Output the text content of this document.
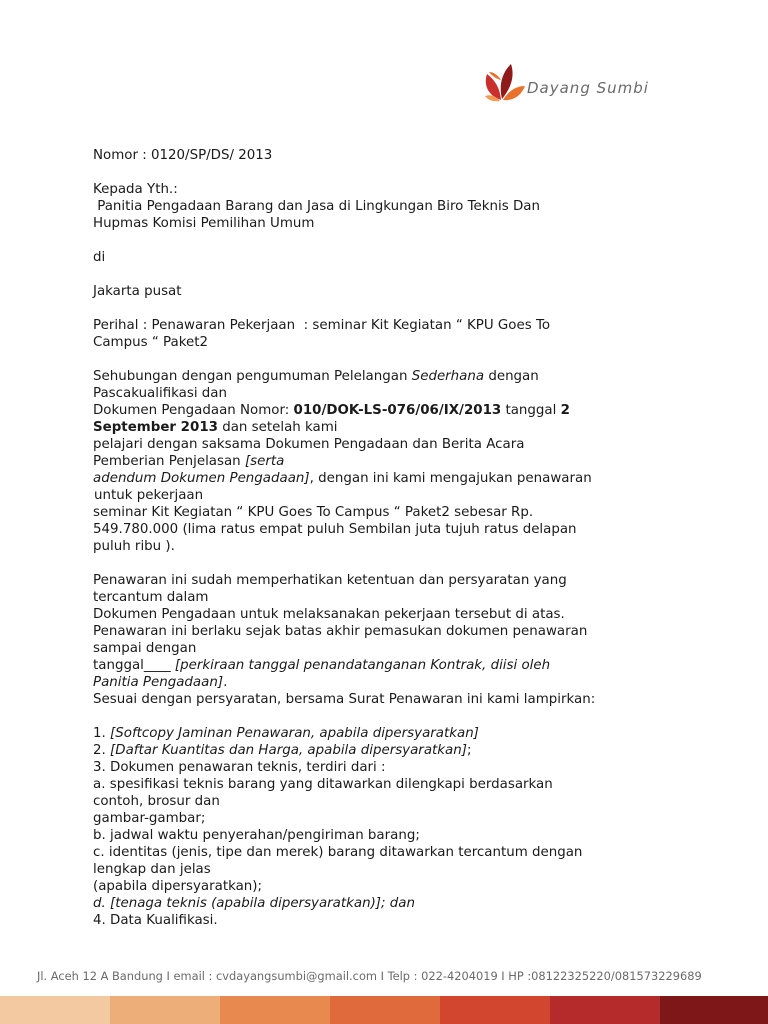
Dayang Sumbi

Nomor : 0120/SP/DS/ 2013

Kepada Yth.:

Panitia Pengadaan Barang dan Jasa di Lingkungan Biro Teknis Dan

Hupmas Komisi Pemilihan Umum

di

Jakarta pusat

Perihal : Penawaran Pekerjaan  : seminar Kit Kegiatan “ KPU Goes To

Campus “ Paket2

Sehubungan dengan pengumuman Pelelangan Sederhana dengan

Pascakualifikasi dan

Dokumen Pengadaan Nomor: 010/DOK-LS-076/06/IX/2013 tanggal 2

September 2013 dan setelah kami

pelajari dengan saksama Dokumen Pengadaan dan Berita Acara

Pemberian Penjelasan [serta

adendum Dokumen Pengadaan], dengan ini kami mengajukan penawaran

untuk pekerjaan

seminar Kit Kegiatan “ KPU Goes To Campus “ Paket2 sebesar Rp.

549.780.000 (lima ratus empat puluh Sembilan juta tujuh ratus delapan

puluh ribu ).

Penawaran ini sudah memperhatikan ketentuan dan persyaratan yang

tercantum dalam

Dokumen Pengadaan untuk melaksanakan pekerjaan tersebut di atas.

Penawaran ini berlaku sejak batas akhir pemasukan dokumen penawaran

sampai dengan

tanggal____ [perkiraan tanggal penandatanganan Kontrak, diisi oleh

Panitia Pengadaan].

Sesuai dengan persyaratan, bersama Surat Penawaran ini kami lampirkan:

1. [Softcopy Jaminan Penawaran, apabila dipersyaratkan]

2. [Daftar Kuantitas dan Harga, apabila dipersyaratkan];

3. Dokumen penawaran teknis, terdiri dari :

a. spesifikasi teknis barang yang ditawarkan dilengkapi berdasarkan

contoh, brosur dan

gambar-gambar;

b. jadwal waktu penyerahan/pengiriman barang;

c. identitas (jenis, tipe dan merek) barang ditawarkan tercantum dengan

lengkap dan jelas

(apabila dipersyaratkan);

d. [tenaga teknis (apabila dipersyaratkan)]; dan

4. Data Kualifikasi.

Jl. Aceh 12 A Bandung I email : cvdayangsumbi@gmail.com I Telp : 022-4204019 I HP :08122325220/081573229689
